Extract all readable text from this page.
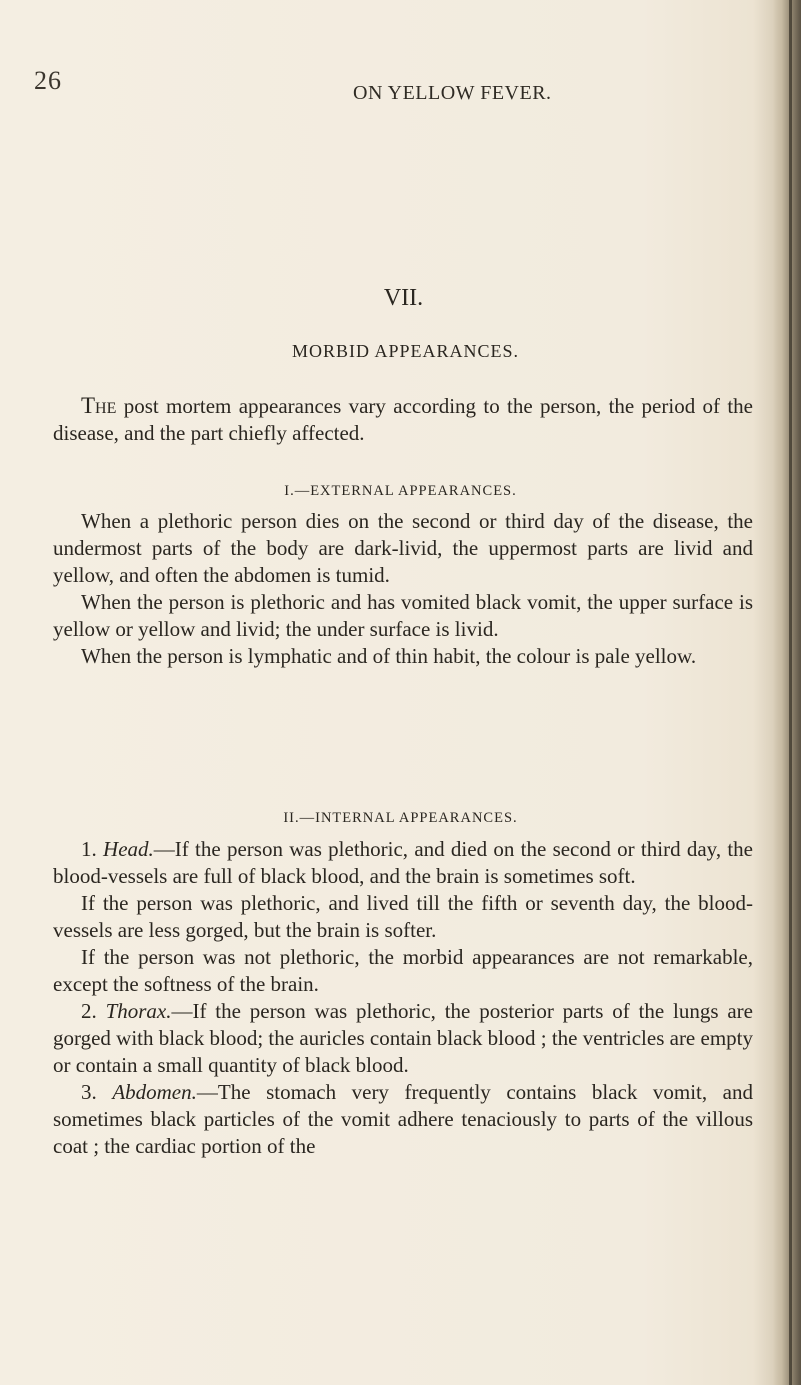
26	ON YELLOW FEVER.
VII.
MORBID APPEARANCES.

The post mortem appearances vary according to the person, the period of the disease, and the part chiefly affected.

I.—EXTERNAL APPEARANCES.

When a plethoric person dies on the second or third day of the disease, the undermost parts of the body are dark-livid, the uppermost parts are livid and yellow, and often the abdomen is tumid.

When the person is plethoric and has vomited black vomit, the upper surface is yellow or yellow and livid; the under surface is livid.

When the person is lymphatic and of thin habit, the colour is pale yellow.

II.—INTERNAL APPEARANCES.

1. Head.—If the person was plethoric, and died on the second or third day, the blood-vessels are full of black blood, and the brain is sometimes soft.

If the person was plethoric, and lived till the fifth or seventh day, the blood-vessels are less gorged, but the brain is softer.

If the person was not plethoric, the morbid appearances are not remarkable, except the softness of the brain.

2. Thorax.—If the person was plethoric, the posterior parts of the lungs are gorged with black blood; the auricles contain black blood ; the ventricles are empty or contain a small quantity of black blood.

3. Abdomen.—The stomach very frequently contains black vomit, and sometimes black particles of the vomit adhere tenaciously to parts of the villous coat ; the cardiac portion of the
